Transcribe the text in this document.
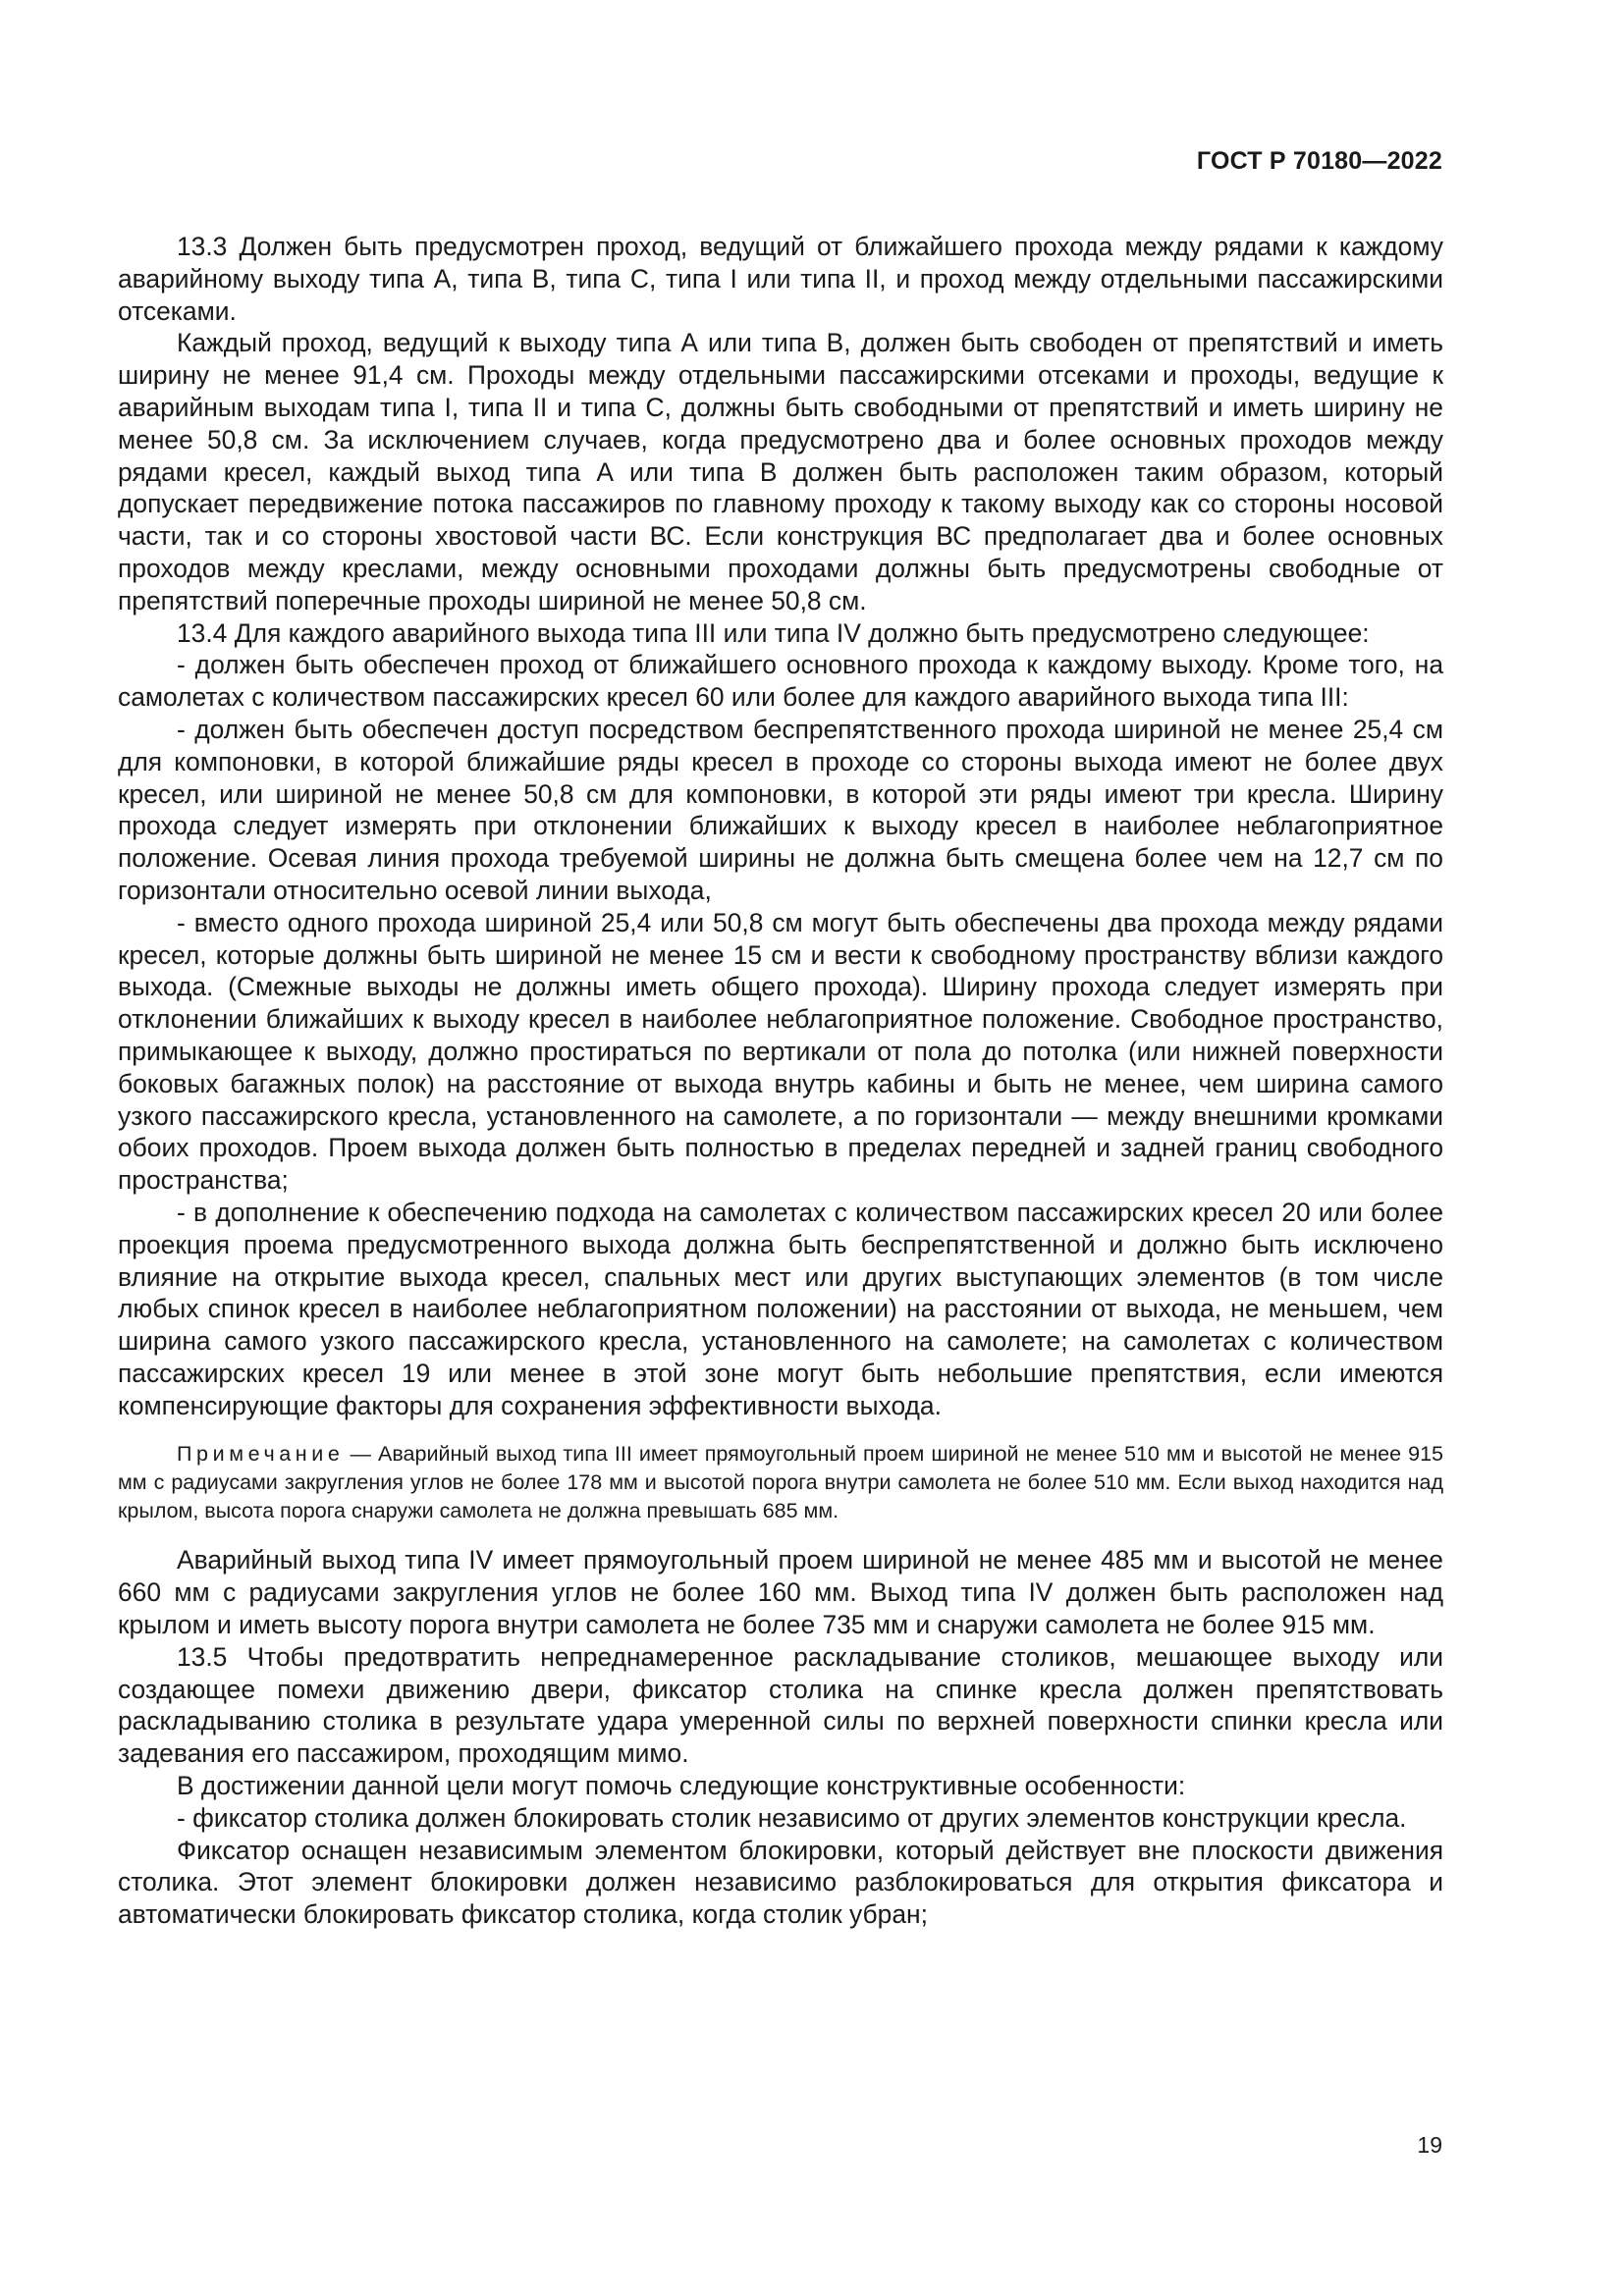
ГОСТ Р 70180—2022

13.3 Должен быть предусмотрен проход, ведущий от ближайшего прохода между рядами к каждому аварийному выходу типа А, типа В, типа С, типа I или типа II, и проход между отдельными пассажирскими отсеками.

Каждый проход, ведущий к выходу типа А или типа В, должен быть свободен от препятствий и иметь ширину не менее 91,4 см. Проходы между отдельными пассажирскими отсеками и проходы, ведущие к аварийным выходам типа I, типа II и типа С, должны быть свободными от препятствий и иметь ширину не менее 50,8 см. За исключением случаев, когда предусмотрено два и более основных проходов между рядами кресел, каждый выход типа А или типа В должен быть расположен таким образом, который допускает передвижение потока пассажиров по главному проходу к такому выходу как со стороны носовой части, так и со стороны хвостовой части ВС. Если конструкция ВС предполагает два и более основных проходов между креслами, между основными проходами должны быть предусмотрены свободные от препятствий поперечные проходы шириной не менее 50,8 см.

13.4 Для каждого аварийного выхода типа III или типа IV должно быть предусмотрено следующее:

- должен быть обеспечен проход от ближайшего основного прохода к каждому выходу. Кроме того, на самолетах с количеством пассажирских кресел 60 или более для каждого аварийного выхода типа III:

- должен быть обеспечен доступ посредством беспрепятственного прохода шириной не менее 25,4 см для компоновки, в которой ближайшие ряды кресел в проходе со стороны выхода имеют не более двух кресел, или шириной не менее 50,8 см для компоновки, в которой эти ряды имеют три кресла. Ширину прохода следует измерять при отклонении ближайших к выходу кресел в наиболее неблагоприятное положение. Осевая линия прохода требуемой ширины не должна быть смещена более чем на 12,7 см по горизонтали относительно осевой линии выхода,

- вместо одного прохода шириной 25,4 или 50,8 см могут быть обеспечены два прохода между рядами кресел, которые должны быть шириной не менее 15 см и вести к свободному пространству вблизи каждого выхода. (Смежные выходы не должны иметь общего прохода). Ширину прохода следует измерять при отклонении ближайших к выходу кресел в наиболее неблагоприятное положение. Свободное пространство, примыкающее к выходу, должно простираться по вертикали от пола до потолка (или нижней поверхности боковых багажных полок) на расстояние от выхода внутрь кабины и быть не менее, чем ширина самого узкого пассажирского кресла, установленного на самолете, а по горизонтали — между внешними кромками обоих проходов. Проем выхода должен быть полностью в пределах передней и задней границ свободного пространства;

- в дополнение к обеспечению подхода на самолетах с количеством пассажирских кресел 20 или более проекция проема предусмотренного выхода должна быть беспрепятственной и должно быть исключено влияние на открытие выхода кресел, спальных мест или других выступающих элементов (в том числе любых спинок кресел в наиболее неблагоприятном положении) на расстоянии от выхода, не меньшем, чем ширина самого узкого пассажирского кресла, установленного на самолете; на самолетах с количеством пассажирских кресел 19 или менее в этой зоне могут быть небольшие препятствия, если имеются компенсирующие факторы для сохранения эффективности выхода.

Примечание — Аварийный выход типа III имеет прямоугольный проем шириной не менее 510 мм и высотой не менее 915 мм с радиусами закругления углов не более 178 мм и высотой порога внутри самолета не более 510 мм. Если выход находится над крылом, высота порога снаружи самолета не должна превышать 685 мм.

Аварийный выход типа IV имеет прямоугольный проем шириной не менее 485 мм и высотой не менее 660 мм с радиусами закругления углов не более 160 мм. Выход типа IV должен быть расположен над крылом и иметь высоту порога внутри самолета не более 735 мм и снаружи самолета не более 915 мм.

13.5 Чтобы предотвратить непреднамеренное раскладывание столиков, мешающее выходу или создающее помехи движению двери, фиксатор столика на спинке кресла должен препятствовать раскладыванию столика в результате удара умеренной силы по верхней поверхности спинки кресла или задевания его пассажиром, проходящим мимо.

В достижении данной цели могут помочь следующие конструктивные особенности:

- фиксатор столика должен блокировать столик независимо от других элементов конструкции кресла.

Фиксатор оснащен независимым элементом блокировки, который действует вне плоскости движения столика. Этот элемент блокировки должен независимо разблокироваться для открытия фиксатора и автоматически блокировать фиксатор столика, когда столик убран;

19
